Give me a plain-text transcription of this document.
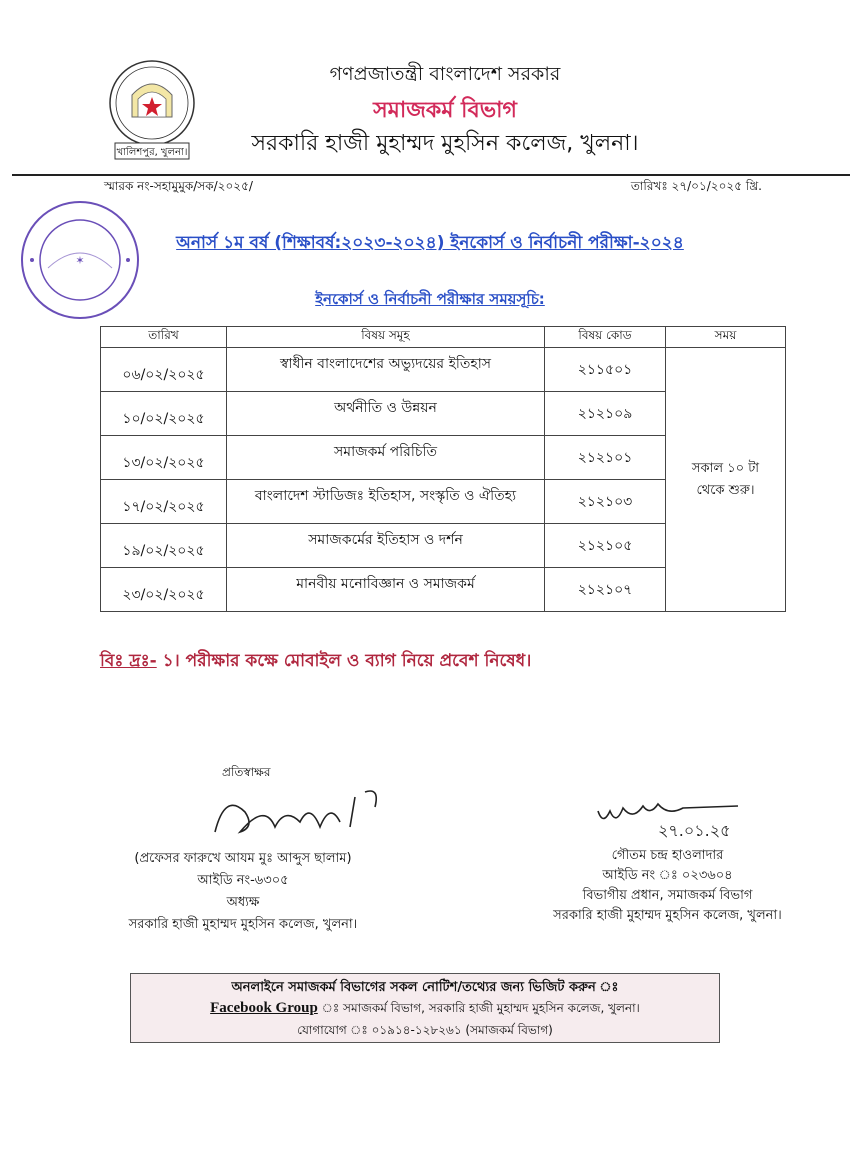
খালিশপুর, খুলনা।
গণপ্রজাতন্ত্রী বাংলাদেশ সরকার
সমাজকর্ম বিভাগ
সরকারি হাজী মুহাম্মদ মুহসিন কলেজ, খুলনা।
স্মারক নং-সহামুমুক/সক/২০২৫/	তারিখঃ ২৭/০১/২০২৫ খ্রি.
✶
অনার্স ১ম বর্ষ (শিক্ষাবর্ষ:২০২৩-২০২৪) ইনকোর্স ও নির্বাচনী পরীক্ষা-২০২৪
ইনকোর্স ও নির্বাচনী পরীক্ষার সময়সূচি:
তারিখ	বিষয় সমূহ	বিষয় কোড	সময়
০৬/০২/২০২৫	স্বাধীন বাংলাদেশের অভ্যুদয়ের ইতিহাস	২১১৫০১	সকাল ১০ টা
থেকে শুরু।

১০/০২/২০২৫	অর্থনীতি ও উন্নয়ন	২১২১০৯	
১৩/০২/২০২৫	সমাজকর্ম পরিচিতি	২১২১০১	
১৭/০২/২০২৫	বাংলাদেশ স্টাডিজঃ ইতিহাস, সংস্কৃতি ও ঐতিহ্য	২১২১০৩	
১৯/০২/২০২৫	সমাজকর্মের ইতিহাস ও দর্শন	২১২১০৫	
২৩/০২/২০২৫	মানবীয় মনোবিজ্ঞান ও সমাজকর্ম	২১২১০৭	
বিঃ দ্রঃ- ১। পরীক্ষার কক্ষে মোবাইল ও ব্যাগ নিয়ে প্রবেশ নিষেধ।
প্রতিস্বাক্ষর
২৭.০১.২৫
(প্রফেসর ফারুখে আযম মুঃ আব্দুস ছালাম)
আইডি নং-৬৩০৫
অধ্যক্ষ
সরকারি হাজী মুহাম্মদ মুহসিন কলেজ, খুলনা।
গৌতম চন্দ্র হাওলাদার
আইডি নং ঃ ০২৩৬০৪
বিভাগীয় প্রধান, সমাজকর্ম বিভাগ
সরকারি হাজী মুহাম্মদ মুহসিন কলেজ, খুলনা।
অনলাইনে সমাজকর্ম বিভাগের সকল নোটিশ/তথ্যের জন্য ভিজিট করুন ঃ
Facebook Group ঃ সমাজকর্ম বিভাগ, সরকারি হাজী মুহাম্মদ মুহসিন কলেজ, খুলনা।
যোগাযোগ ঃ ০১৯১৪-১২৮২৬১ (সমাজকর্ম বিভাগ)
